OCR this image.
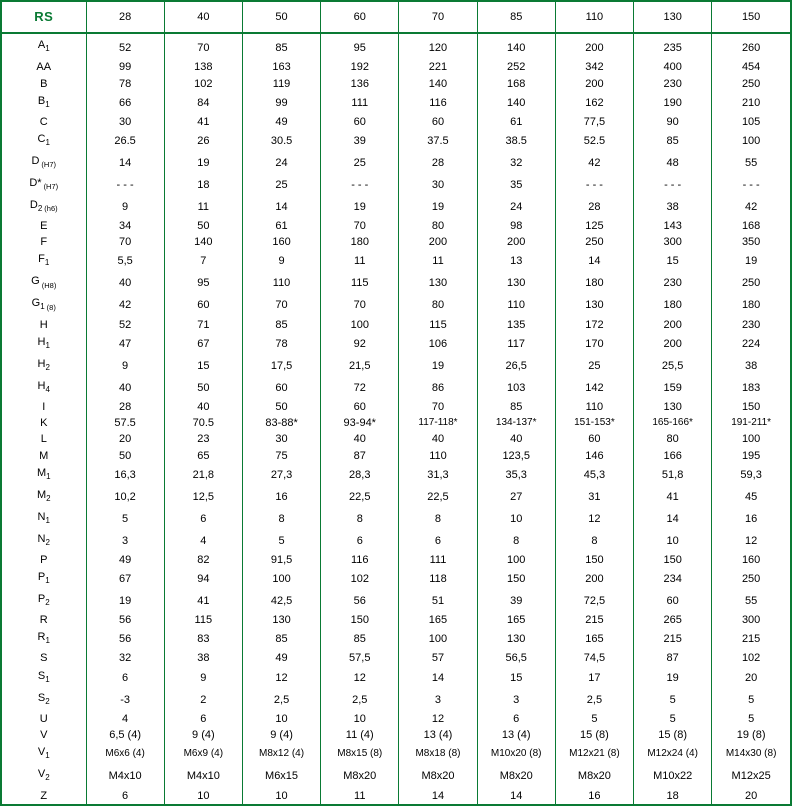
RS	28	40	50	60	70	85	110	130	150
$A_1$	52	70	85	95	120	140	200	235	260
AA	99	138	163	192	221	252	342	400	454
B	78	102	119	136	140	168	200	230	250
$B_1$	66	84	99	111	116	140	162	190	210
C	30	41	49	60	60	61	77,5	90	105
$C_1$	26.5	26	30.5	39	37.5	38.5	52.5	85	100
D $_{(H7)}$	14	19	24	25	28	32	42	48	55
D* $_{(H7)}$	- - -	18	25	- - -	30	35	- - -	- - -	- - -
$D_2$ $_{(h6)}$	9	11	14	19	19	24	28	38	42
E	34	50	61	70	80	98	125	143	168
F	70	140	160	180	200	200	250	300	350
$F_1$	5,5	7	9	11	11	13	14	15	19
G $_{(H8)}$	40	95	110	115	130	130	180	230	250
$G_1$ $_{(8)}$	42	60	70	70	80	110	130	180	180
H	52	71	85	100	115	135	172	200	230
$H_1$	47	67	78	92	106	117	170	200	224
$H_2$	9	15	17,5	21,5	19	26,5	25	25,5	38
$H_4$	40	50	60	72	86	103	142	159	183
I	28	40	50	60	70	85	110	130	150
K	57.5	70.5	83-88*	93-94*	117-118*	134-137*	151-153*	165-166*	191-211*
L	20	23	30	40	40	40	60	80	100
M	50	65	75	87	110	123,5	146	166	195
$M_1$	16,3	21,8	27,3	28,3	31,3	35,3	45,3	51,8	59,3
$M_2$	10,2	12,5	16	22,5	22,5	27	31	41	45
$N_1$	5	6	8	8	8	10	12	14	16
$N_2$	3	4	5	6	6	8	8	10	12
P	49	82	91,5	116	111	100	150	150	160
$P_1$	67	94	100	102	118	150	200	234	250
$P_2$	19	41	42,5	56	51	39	72,5	60	55
R	56	115	130	150	165	165	215	265	300
$R_1$	56	83	85	85	100	130	165	215	215
S	32	38	49	57,5	57	56,5	74,5	87	102
$S_1$	6	9	12	12	14	15	17	19	20
$S_2$	-3	2	2,5	2,5	3	3	2,5	5	5
U	4	6	10	10	12	6	5	5	5
V	6,5 (4)	9 (4)	9 (4)	11 (4)	13 (4)	13 (4)	15 (8)	15 (8)	19 (8)
$V_1$	M6x6 (4)	M6x9 (4)	M8x12 (4)	M8x15 (8)	M8x18 (8)	M10x20 (8)	M12x21 (8)	M12x24 (4)	M14x30 (8)
$V_2$	M4x10	M4x10	M6x15	M8x20	M8x20	M8x20	M8x20	M10x22	M12x25
Z	6	10	10	11	14	14	16	18	20
